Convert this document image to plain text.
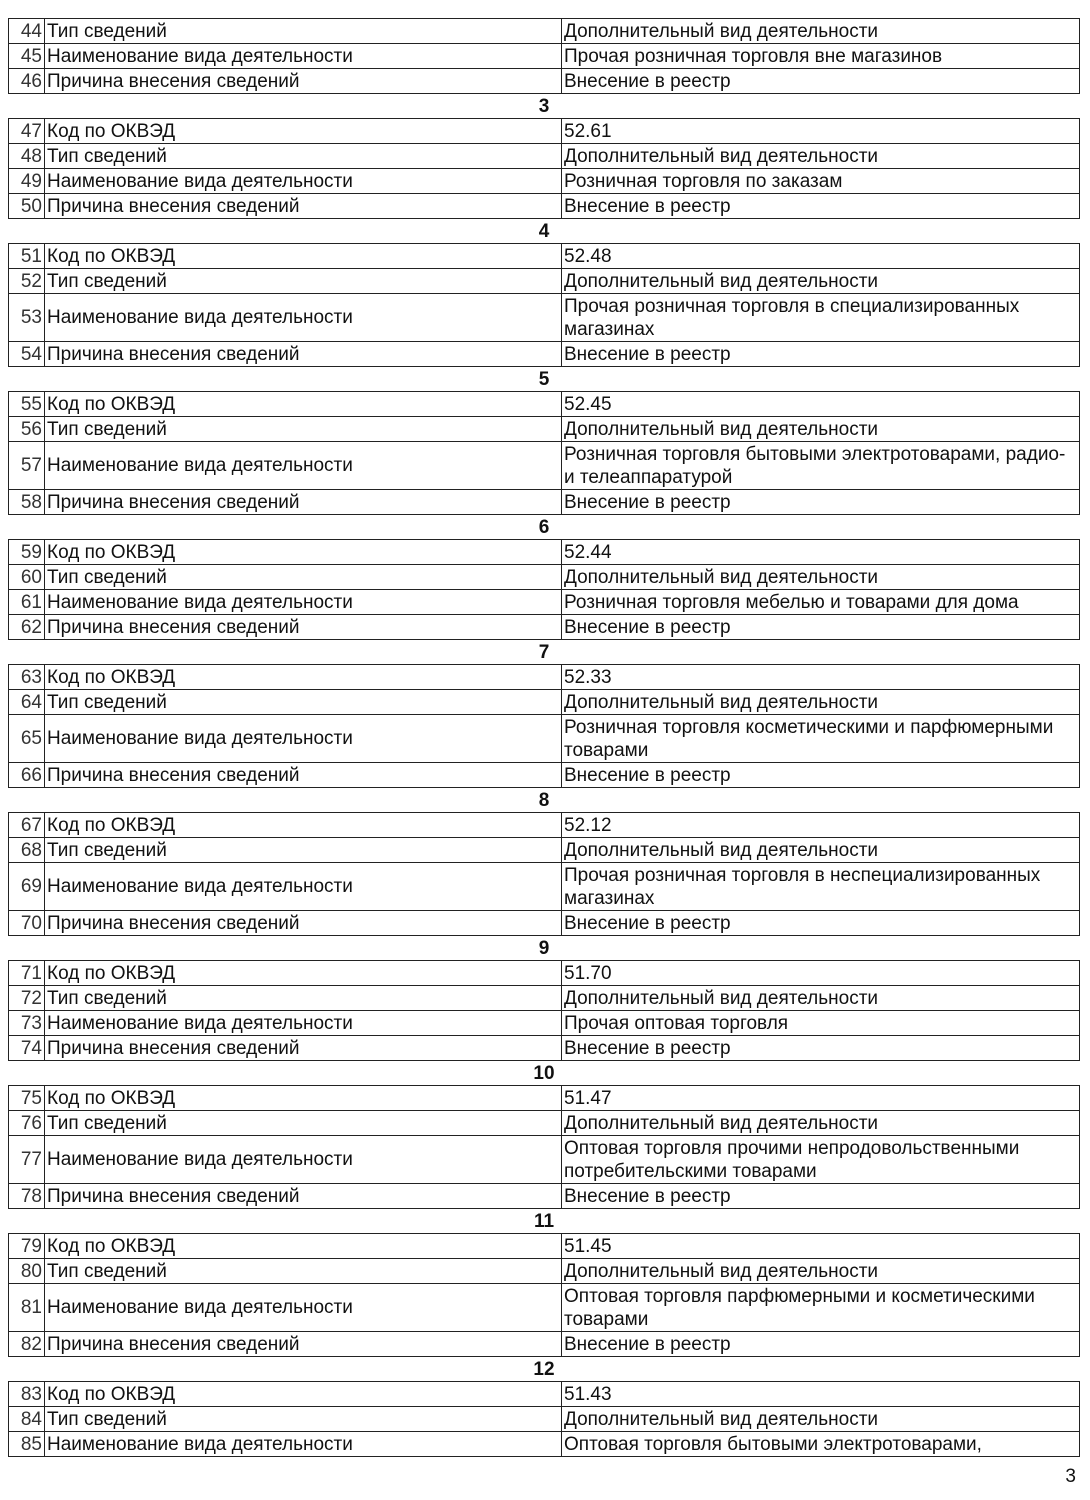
44	Тип сведений	Дополнительный вид деятельности
45	Наименование вида деятельности	Прочая розничная торговля вне магазинов
46	Причина внесения сведений	Внесение в реестр
3		
47	Код по ОКВЭД	52.61
48	Тип сведений	Дополнительный вид деятельности
49	Наименование вида деятельности	Розничная торговля по заказам
50	Причина внесения сведений	Внесение в реестр
4		
51	Код по ОКВЭД	52.48
52	Тип сведений	Дополнительный вид деятельности
53	Наименование вида деятельности	Прочая розничная торговля в специализированных магазинах
54	Причина внесения сведений	Внесение в реестр
5		
55	Код по ОКВЭД	52.45
56	Тип сведений	Дополнительный вид деятельности
57	Наименование вида деятельности	Розничная торговля бытовыми электротоварами, радио- и телеаппаратурой
58	Причина внесения сведений	Внесение в реестр
6		
59	Код по ОКВЭД	52.44
60	Тип сведений	Дополнительный вид деятельности
61	Наименование вида деятельности	Розничная торговля мебелью и товарами для дома
62	Причина внесения сведений	Внесение в реестр
7		
63	Код по ОКВЭД	52.33
64	Тип сведений	Дополнительный вид деятельности
65	Наименование вида деятельности	Розничная торговля косметическими и парфюмерными товарами
66	Причина внесения сведений	Внесение в реестр
8		
67	Код по ОКВЭД	52.12
68	Тип сведений	Дополнительный вид деятельности
69	Наименование вида деятельности	Прочая розничная торговля в неспециализированных магазинах
70	Причина внесения сведений	Внесение в реестр
9		
71	Код по ОКВЭД	51.70
72	Тип сведений	Дополнительный вид деятельности
73	Наименование вида деятельности	Прочая оптовая торговля
74	Причина внесения сведений	Внесение в реестр
10		
75	Код по ОКВЭД	51.47
76	Тип сведений	Дополнительный вид деятельности
77	Наименование вида деятельности	Оптовая торговля прочими непродовольственными потребительскими товарами
78	Причина внесения сведений	Внесение в реестр
11		
79	Код по ОКВЭД	51.45
80	Тип сведений	Дополнительный вид деятельности
81	Наименование вида деятельности	Оптовая торговля парфюмерными и косметическими товарами
82	Причина внесения сведений	Внесение в реестр
12		
83	Код по ОКВЭД	51.43
84	Тип сведений	Дополнительный вид деятельности
85	Наименование вида деятельности	Оптовая торговля бытовыми электротоварами,
3
